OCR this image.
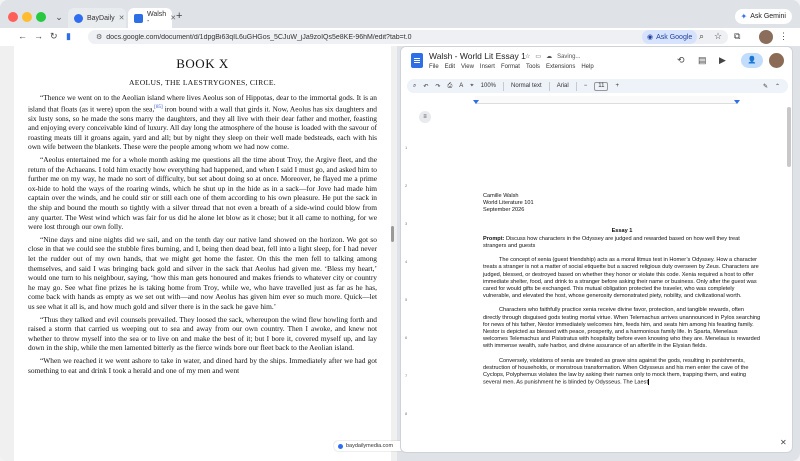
⌄	BayDaily ✕
Walsh -	✕ +	✦ Ask Gemini
← → ↻ ▮	⚙ docs.google.com/document/d/1dpgBi63qIL6uGHGos_5CJuW_jJa9zoIQs5e8KE-96hM/edit?tab=t.0	◉ Ask Google ⌕ ☆ ⧉	⋮
BOOK X
AEOLUS, THE LAESTRYGONES, CIRCE.

“Thence we went on to the Aeolian island where lives Aeolus son of Hippotas, dear to the immortal gods. It is an island that floats (as it were) upon the sea,[85] iron bound with a wall that girds it. Now, Aeolus has six daughters and six lusty sons, so he made the sons marry the daughters, and they all live with their dear father and mother, feasting and enjoying every conceivable kind of luxury. All day long the atmosphere of the house is loaded with the savour of roasting meats till it groans again, yard and all; but by night they sleep on their well made bedsteads, each with his own wife between the blankets. These were the people among whom we had now come.

“Aeolus entertained me for a whole month asking me questions all the time about Troy, the Argive fleet, and the return of the Achaeans. I told him exactly how everything had happened, and when I said I must go, and asked him to further me on my way, he made no sort of difficulty, but set about doing so at once. Moreover, he flayed me a prime ox-hide to hold the ways of the roaring winds, which he shut up in the hide as in a sack—for Jove had made him captain over the winds, and he could stir or still each one of them according to his own pleasure. He put the sack in the ship and bound the mouth so tightly with a silver thread that not even a breath of a side-wind could blow from any quarter. The West wind which was fair for us did he alone let blow as it chose; but it all came to nothing, for we were lost through our own folly.

“Nine days and nine nights did we sail, and on the tenth day our native land showed on the horizon. We got so close in that we could see the stubble fires burning, and I, being then dead beat, fell into a light sleep, for I had never let the rudder out of my own hands, that we might get home the faster. On this the men fell to talking among themselves, and said I was bringing back gold and silver in the sack that Aeolus had given me. ‘Bless my heart,’ would one turn to his neighbour, saying, ‘how this man gets honoured and makes friends to whatever city or country he may go. See what fine prizes he is taking home from Troy, while we, who have travelled just as far as he has, come back with hands as empty as we set out with—and now Aeolus has given him ever so much more. Quick—let us see what it all is, and how much gold and silver there is in the sack he gave him.’

“Thus they talked and evil counsels prevailed. They loosed the sack, whereupon the wind flew howling forth and raised a storm that carried us weeping out to sea and away from our own country. Then I awoke, and knew not whether to throw myself into the sea or to live on and make the best of it; but I bore it, covered myself up, and lay down in the ship, while the men lamented bitterly as the fierce winds bore our fleet back to the Aeolian island.

“When we reached it we went ashore to take in water, and dined hard by the ships. Immediately after we had got something to eat and drink I took a herald and one of my men and went

baydailymedia.com
Walsh - World Lit Essay 1 ☆ ▭ ☁ Saving...
File Edit View Insert Format Tools Extensions Help
⟲ ▤ ▶	👤
⌕ ↶ ↷ ⎙ A ⌖ 100%	Normal text	Arial	−	11	+	✎ ⌃
1
2
3
4
5
6
7
8
Camille Walsh
World Literature 101
September 2026
Essay 1
Prompt: Discuss how characters in the Odyssey are judged and rewarded based on how well they treat strangers and guests
The concept of xenia (guest friendship) acts as a moral litmus test in Homer’s Odyssey. How a character treats a stranger is not a matter of social etiquette but a sacred religious duty overseen by Zeus. Characters are judged, blessed, or destroyed based on whether they honor or violate this code. Xenia required a host to offer immediate shelter, food, and drink to a stranger before asking their name or business. Only after the guest was cared for would gifts be exchanged. This mutual obligation protected the traveler, who was completely vulnerable, and elevated the host, whose generosity demonstrated piety, nobility, and civilizational worth.
Characters who faithfully practice xenia receive divine favor, protection, and tangible rewards, often directly through disguised gods testing mortal virtue. When Telemachus arrives unannounced in Pylos searching for news of his father, Nestor immediately welcomes him, feeds him, and seats him among his feasting family. Nestor is depicted as blessed with peace, prosperity, and a harmonious family life. In Sparta, Menelaus welcomes Telemachus and Pisistratus with hospitality before even knowing who they are. Menelaus is rewarded with immense wealth, safe harbor, and divine assurance of an afterlife in the Elysian fields.
Conversely, violations of xenia are treated as grave sins against the gods, resulting in punishments, destruction of households, or monstrous transformation. When Odysseus and his men enter the cave of the Cyclops, Polyphemus violates the law by asking their names only to mock them, trapping them, and eating several men. As punishment he is blinded by Odysseus. The Laest
≡
✕
